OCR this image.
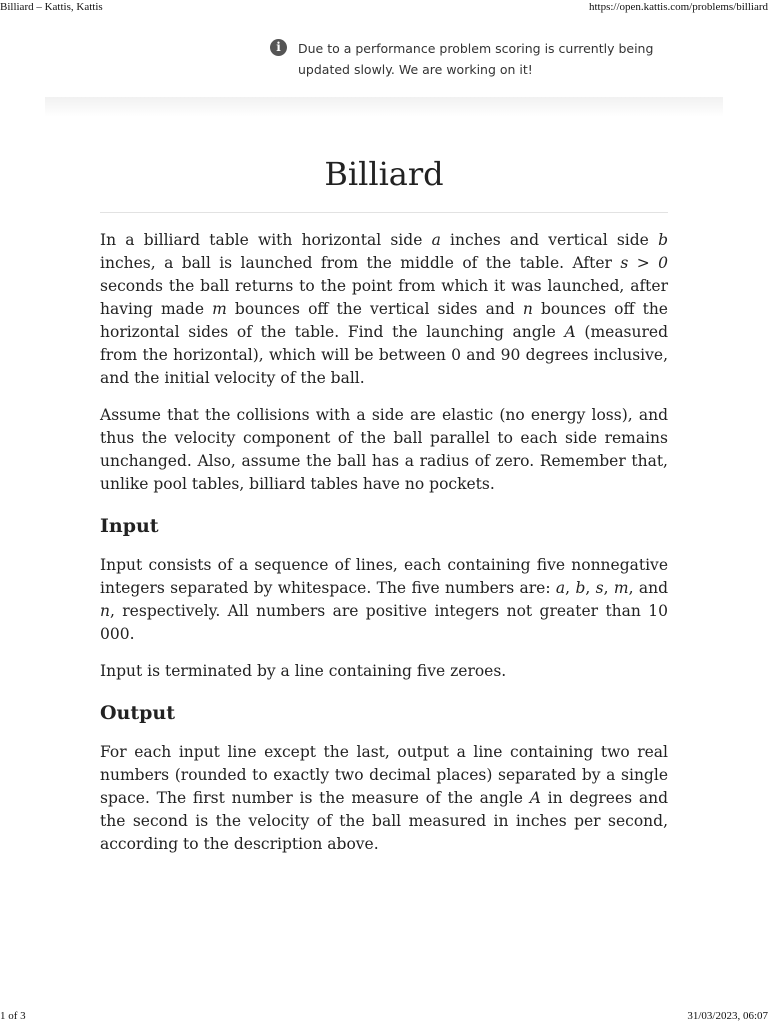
Billiard – Kattis, Kattis	https://open.kattis.com/problems/billiard
i	Due to a performance problem scoring is currently being updated slowly. We are working on it!
Billiard

In a billiard table with horizontal side a inches and vertical side b inches, a ball is launched from the middle of the table. After s > 0 seconds the ball returns to the point from which it was launched, after having made m bounces off the vertical sides and n bounces off the horizontal sides of the table. Find the launching angle A (measured from the horizontal), which will be between 0 and 90 degrees inclusive, and the initial velocity of the ball.

Assume that the collisions with a side are elastic (no energy loss), and thus the velocity component of the ball parallel to each side remains unchanged. Also, assume the ball has a radius of zero. Remember that, unlike pool tables, billiard tables have no pockets.

Input

Input consists of a sequence of lines, each containing five nonnegative integers separated by whitespace. The five numbers are: a, b, s, m, and n, respectively. All numbers are positive integers not greater than 10 000.

Input is terminated by a line containing five zeroes.

Output

For each input line except the last, output a line containing two real numbers (rounded to exactly two decimal places) separated by a single space. The first number is the measure of the angle A in degrees and the second is the velocity of the ball measured in inches per second, according to the description above.

1 of 3	31/03/2023, 06:07
